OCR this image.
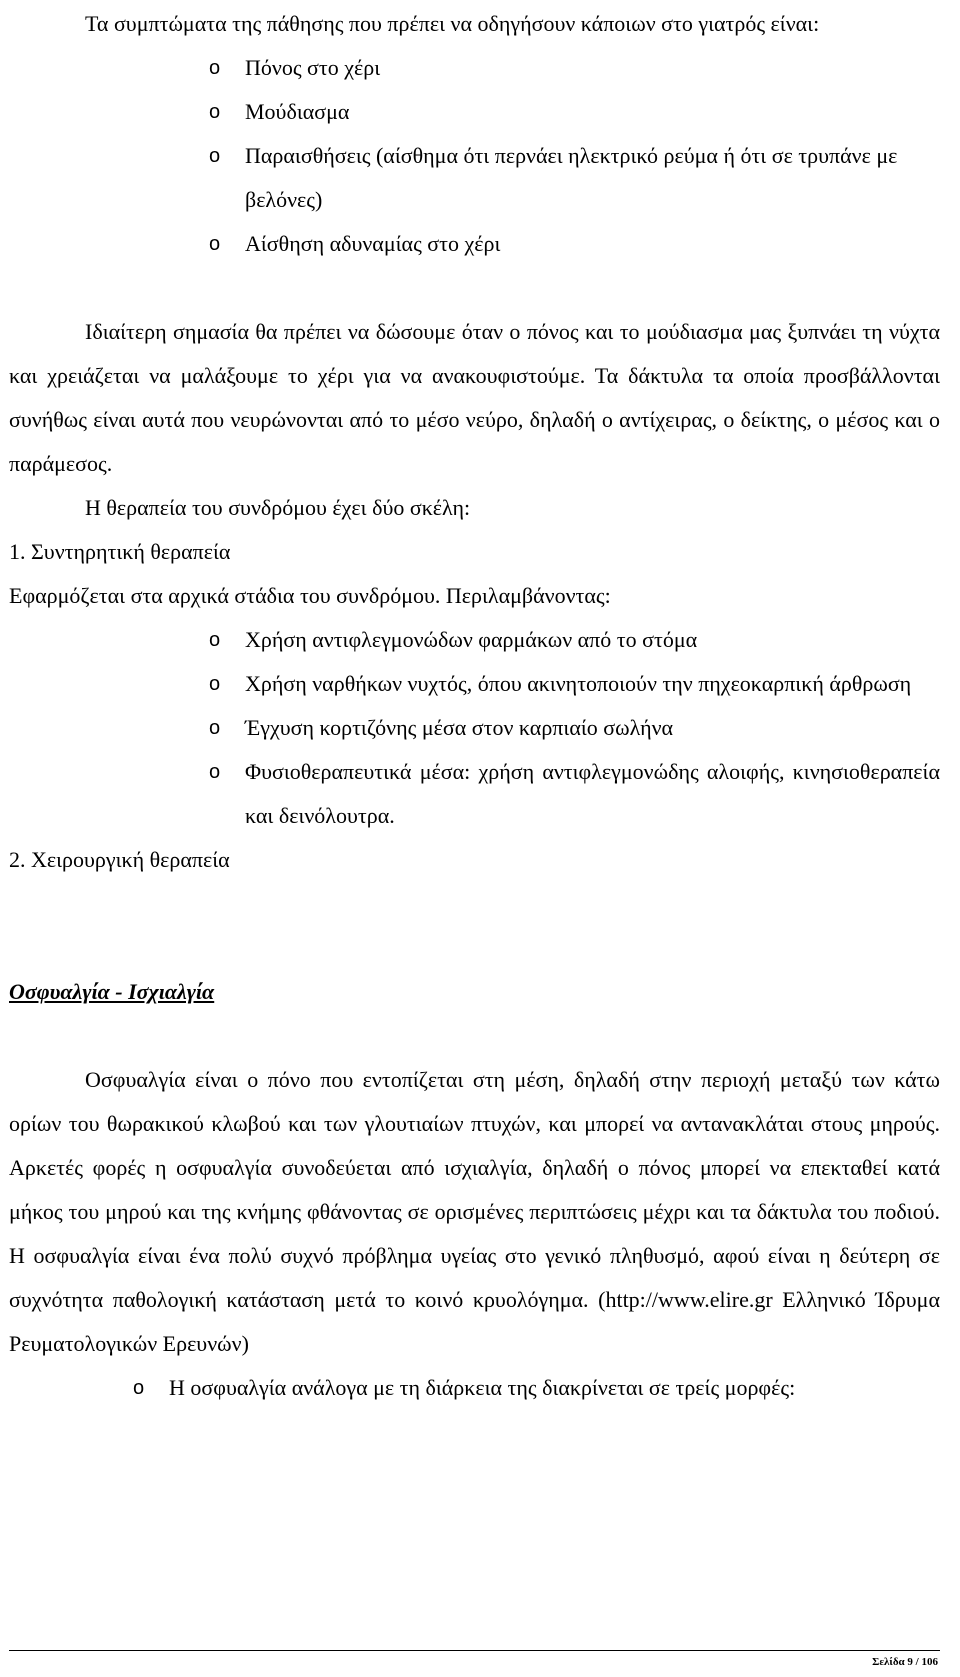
Τα συμπτώματα της πάθησης που πρέπει να οδηγήσουν κάποιων στο γιατρός είναι:

o Πόνος στο χέρι
o Μούδιασμα
o Παραισθήσεις (αίσθημα ότι περνάει ηλεκτρικό ρεύμα ή ότι σε τρυπάνε με βελόνες)
o Αίσθηση αδυναμίας στο χέρι

Ιδιαίτερη σημασία θα πρέπει να δώσουμε όταν ο πόνος και το μούδιασμα μας ξυπνάει τη νύχτα και χρειάζεται να μαλάξουμε το χέρι για να ανακουφιστούμε. Τα δάκτυλα τα οποία προσβάλλονται συνήθως είναι αυτά που νευρώνονται από το μέσο νεύρο, δηλαδή ο αντίχειρας, ο δείκτης, ο μέσος και ο παράμεσος.

Η θεραπεία του συνδρόμου έχει δύο σκέλη:

1. Συντηρητική θεραπεία

Εφαρμόζεται στα αρχικά στάδια του συνδρόμου. Περιλαμβάνοντας:

o Χρήση αντιφλεγμονώδων φαρμάκων από το στόμα
o Χρήση ναρθήκων νυχτός, όπου ακινητοποιούν την πηχεοκαρπική άρθρωση
o Έγχυση κορτιζόνης μέσα στον καρπιαίο σωλήνα
o Φυσιοθεραπευτικά μέσα: χρήση αντιφλεγμονώδης αλοιφής, κινησιοθεραπεία και δεινόλουτρα.

2. Χειρουργική θεραπεία

Οσφυαλγία - Ισχιαλγία

Οσφυαλγία είναι ο πόνο που εντοπίζεται στη μέση, δηλαδή στην περιοχή μεταξύ των κάτω ορίων του θωρακικού κλωβού και των γλουτιαίων πτυχών, και μπορεί να αντανακλάται στους μηρούς. Αρκετές φορές η οσφυαλγία συνοδεύεται από ισχιαλγία, δηλαδή ο πόνος μπορεί να επεκταθεί κατά μήκος του μηρού και της κνήμης φθάνοντας σε ορισμένες περιπτώσεις μέχρι και τα δάκτυλα του ποδιού. Η οσφυαλγία είναι ένα πολύ συχνό πρόβλημα υγείας στο γενικό πληθυσμό, αφού είναι η δεύτερη σε συχνότητα παθολογική κατάσταση μετά το κοινό κρυολόγημα. (http://www.elire.gr Ελληνικό Ίδρυμα Ρευματολογικών Ερευνών)

o Η οσφυαλγία ανάλογα με τη διάρκεια της διακρίνεται σε τρείς μορφές:
Σελίδα 9 / 106
